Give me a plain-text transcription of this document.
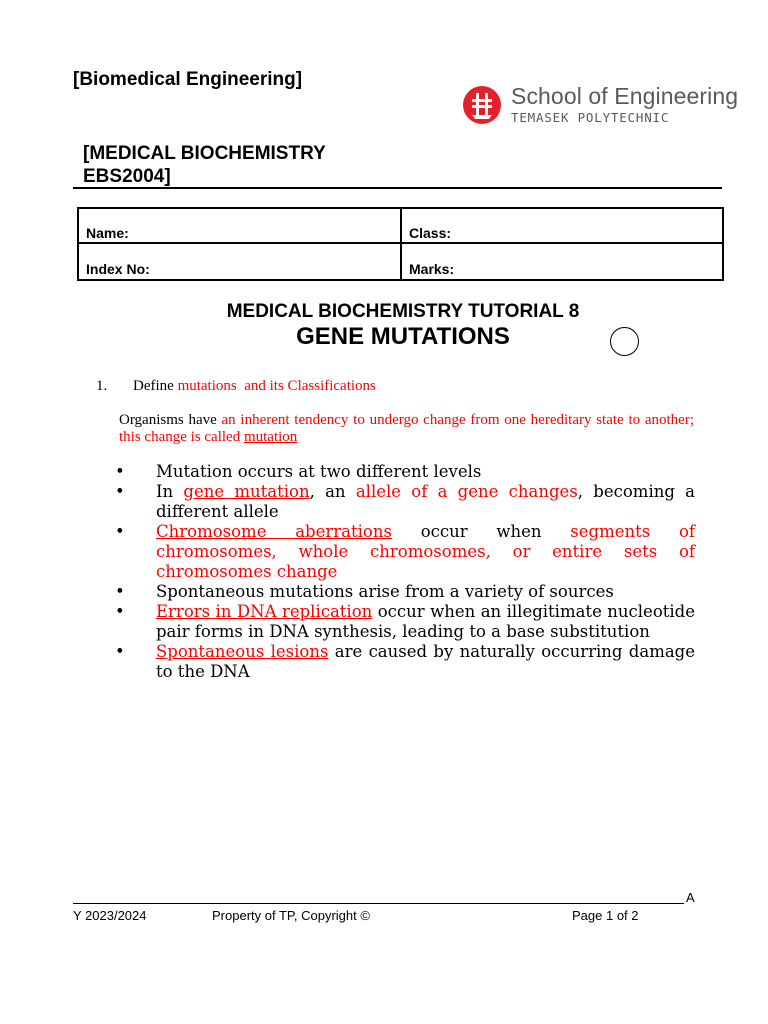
[Biomedical Engineering]
[MEDICAL BIOCHEMISTRY
EBS2004]
School of Engineering
TEMASEK POLYTECHNIC
Name:	Class:
Index No:	Marks:
MEDICAL BIOCHEMISTRY TUTORIAL 8
GENE MUTATIONS
1. Define mutations  and its Classifications
Organisms have an inherent tendency to undergo change from one hereditary state to another; this change is called mutation
• Mutation occurs at two different levels
• In gene mutation, an allele of a gene changes, becoming a different allele
• Chromosome aberrations occur when segments of chromosomes, whole chromosomes, or entire sets of chromosomes change
• Spontaneous mutations arise from a variety of sources
• Errors in DNA replication occur when an illegitimate nucleotide pair forms in DNA synthesis, leading to a base substitution
• Spontaneous lesions are caused by naturally occurring damage to the DNA
A
Y 2023/2024	Property of TP, Copyright ©	Page 1 of 2
